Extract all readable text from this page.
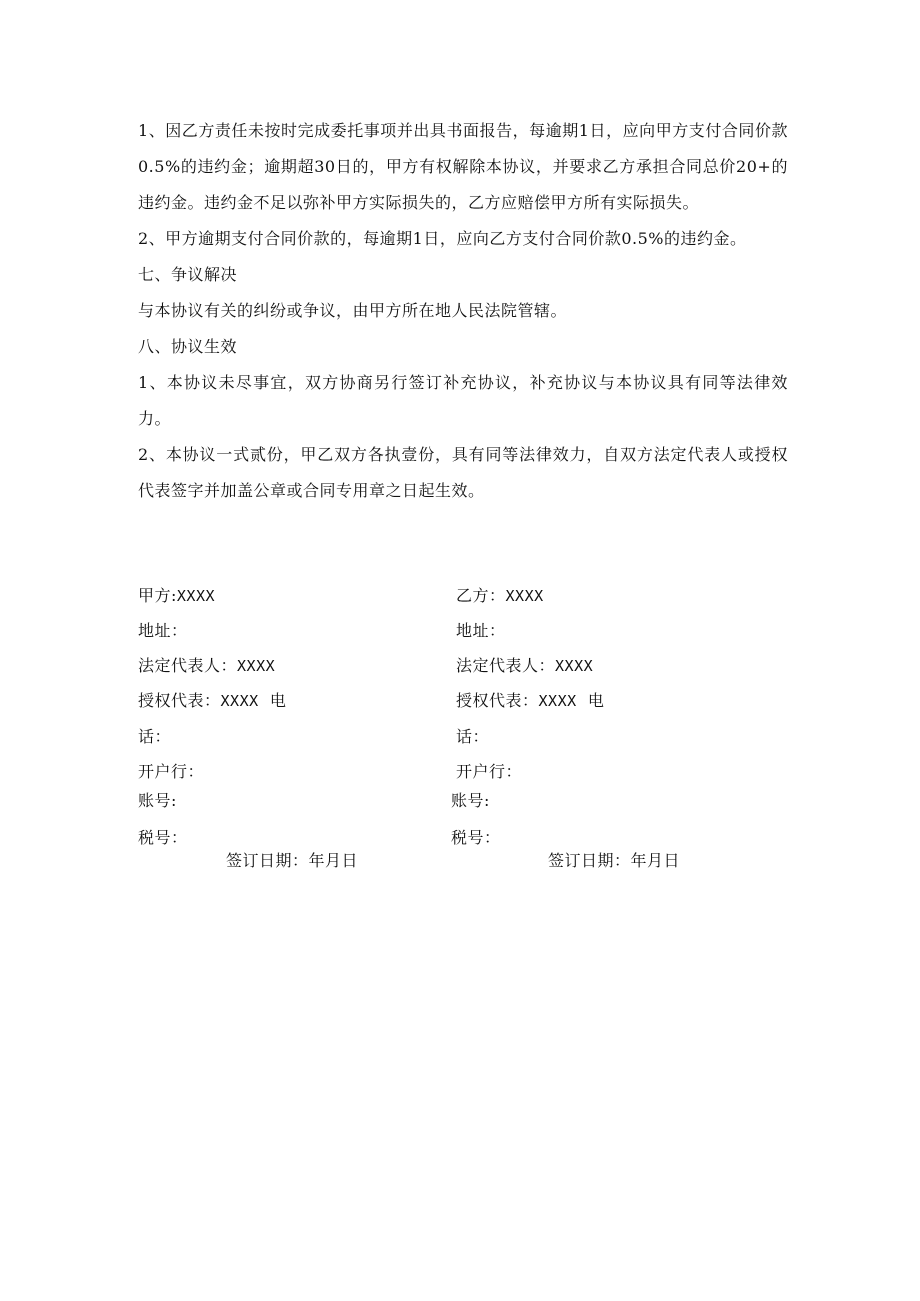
1、因乙方责任未按时完成委托事项并出具书面报告，每逾期1日，应向甲方支付合同价款0.5%的违约金；逾期超30日的，甲方有权解除本协议，并要求乙方承担合同总价20+的违约金。违约金不足以弥补甲方实际损失的，乙方应赔偿甲方所有实际损失。

2、甲方逾期支付合同价款的，每逾期1日，应向乙方支付合同价款0.5%的违约金。

七、争议解决

与本协议有关的纠纷或争议，由甲方所在地人民法院管辖。

八、协议生效

1、本协议未尽事宜，双方协商另行签订补充协议，补充协议与本协议具有同等法律效力。

2、本协议一式贰份，甲乙双方各执壹份，具有同等法律效力，自双方法定代表人或授权代表签字并加盖公章或合同专用章之日起生效。

甲方:XXXX
地址：
法定代表人：XXXX
授权代表：XXXX 电
话：
开户行：
账号:
税号：
签订日期：年月日
乙方：XXXX
地址：
法定代表人：XXXX
授权代表：XXXX 电
话：
开户行：
账号:
税号：
签订日期：年月日
